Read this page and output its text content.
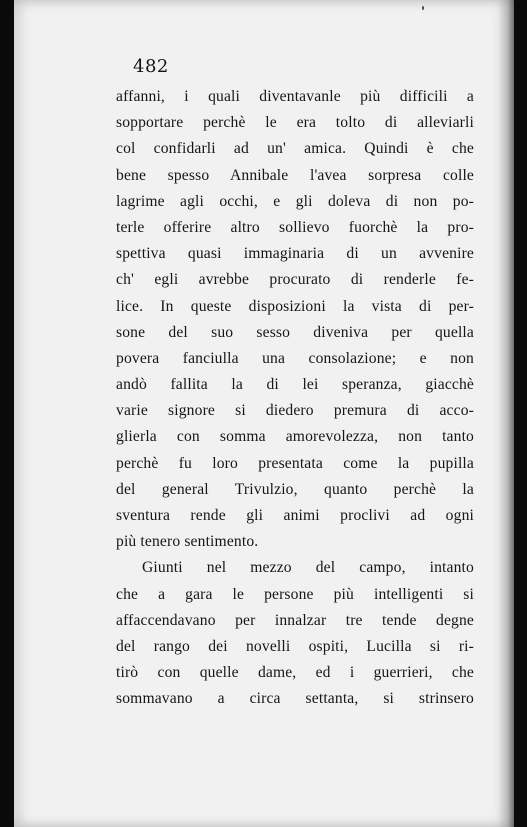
482
affanni, i quali diventavanle più difficili a
sopportare perchè le era tolto di alleviarli
col confidarli ad un' amica. Quindi è che
bene spesso Annibale l'avea sorpresa colle
lagrime agli occhi, e gli doleva di non po-
terle offerire altro sollievo fuorchè la pro-
spettiva quasi immaginaria di un avvenire
ch' egli avrebbe procurato di renderle fe-
lice. In queste disposizioni la vista di per-
sone del suo sesso diveniva per quella
povera fanciulla una consolazione; e non
andò fallita la di lei speranza, giacchè
varie signore si diedero premura di acco-
glierla con somma amorevolezza, non tanto
perchè fu loro presentata come la pupilla
del general Trivulzio, quanto perchè la
sventura rende gli animi proclivi ad ogni
più tenero sentimento.
Giunti nel mezzo del campo, intanto
che a gara le persone più intelligenti si
affaccendavano per innalzar tre tende degne
del rango dei novelli ospiti, Lucilla si ri-
tirò con quelle dame, ed i guerrieri, che
sommavano a circa settanta, si strinsero
